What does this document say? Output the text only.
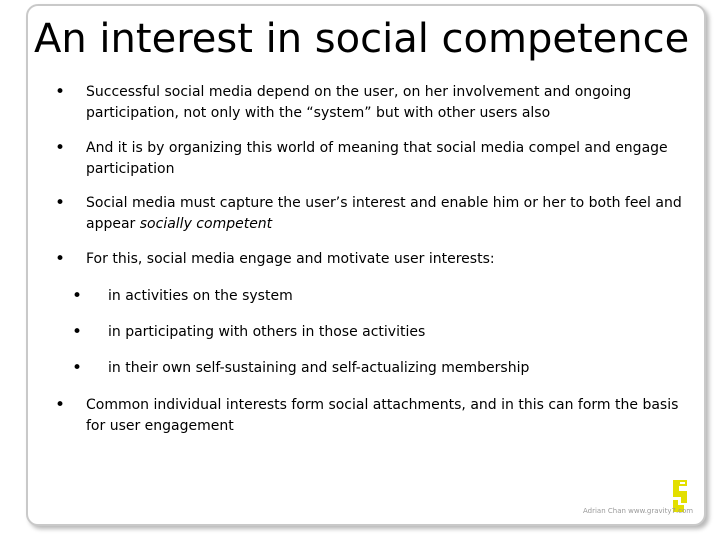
An interest in social competence
• Successful social media depend on the user, on her involvement and ongoing participation, not only with the “system” but with other users also
• And it is by organizing this world of meaning that social media compel and engage participation
• Social media must capture the user’s interest and enable him or her to both feel and appear socially competent
• For this, social media engage and motivate user interests:
• in activities on the system
• in participating with others in those activities
• in their own self-sustaining and self-actualizing membership
• Common individual interests form social attachments, and in this can form the basis for user engagement
Adrian Chan www.gravity7.com
